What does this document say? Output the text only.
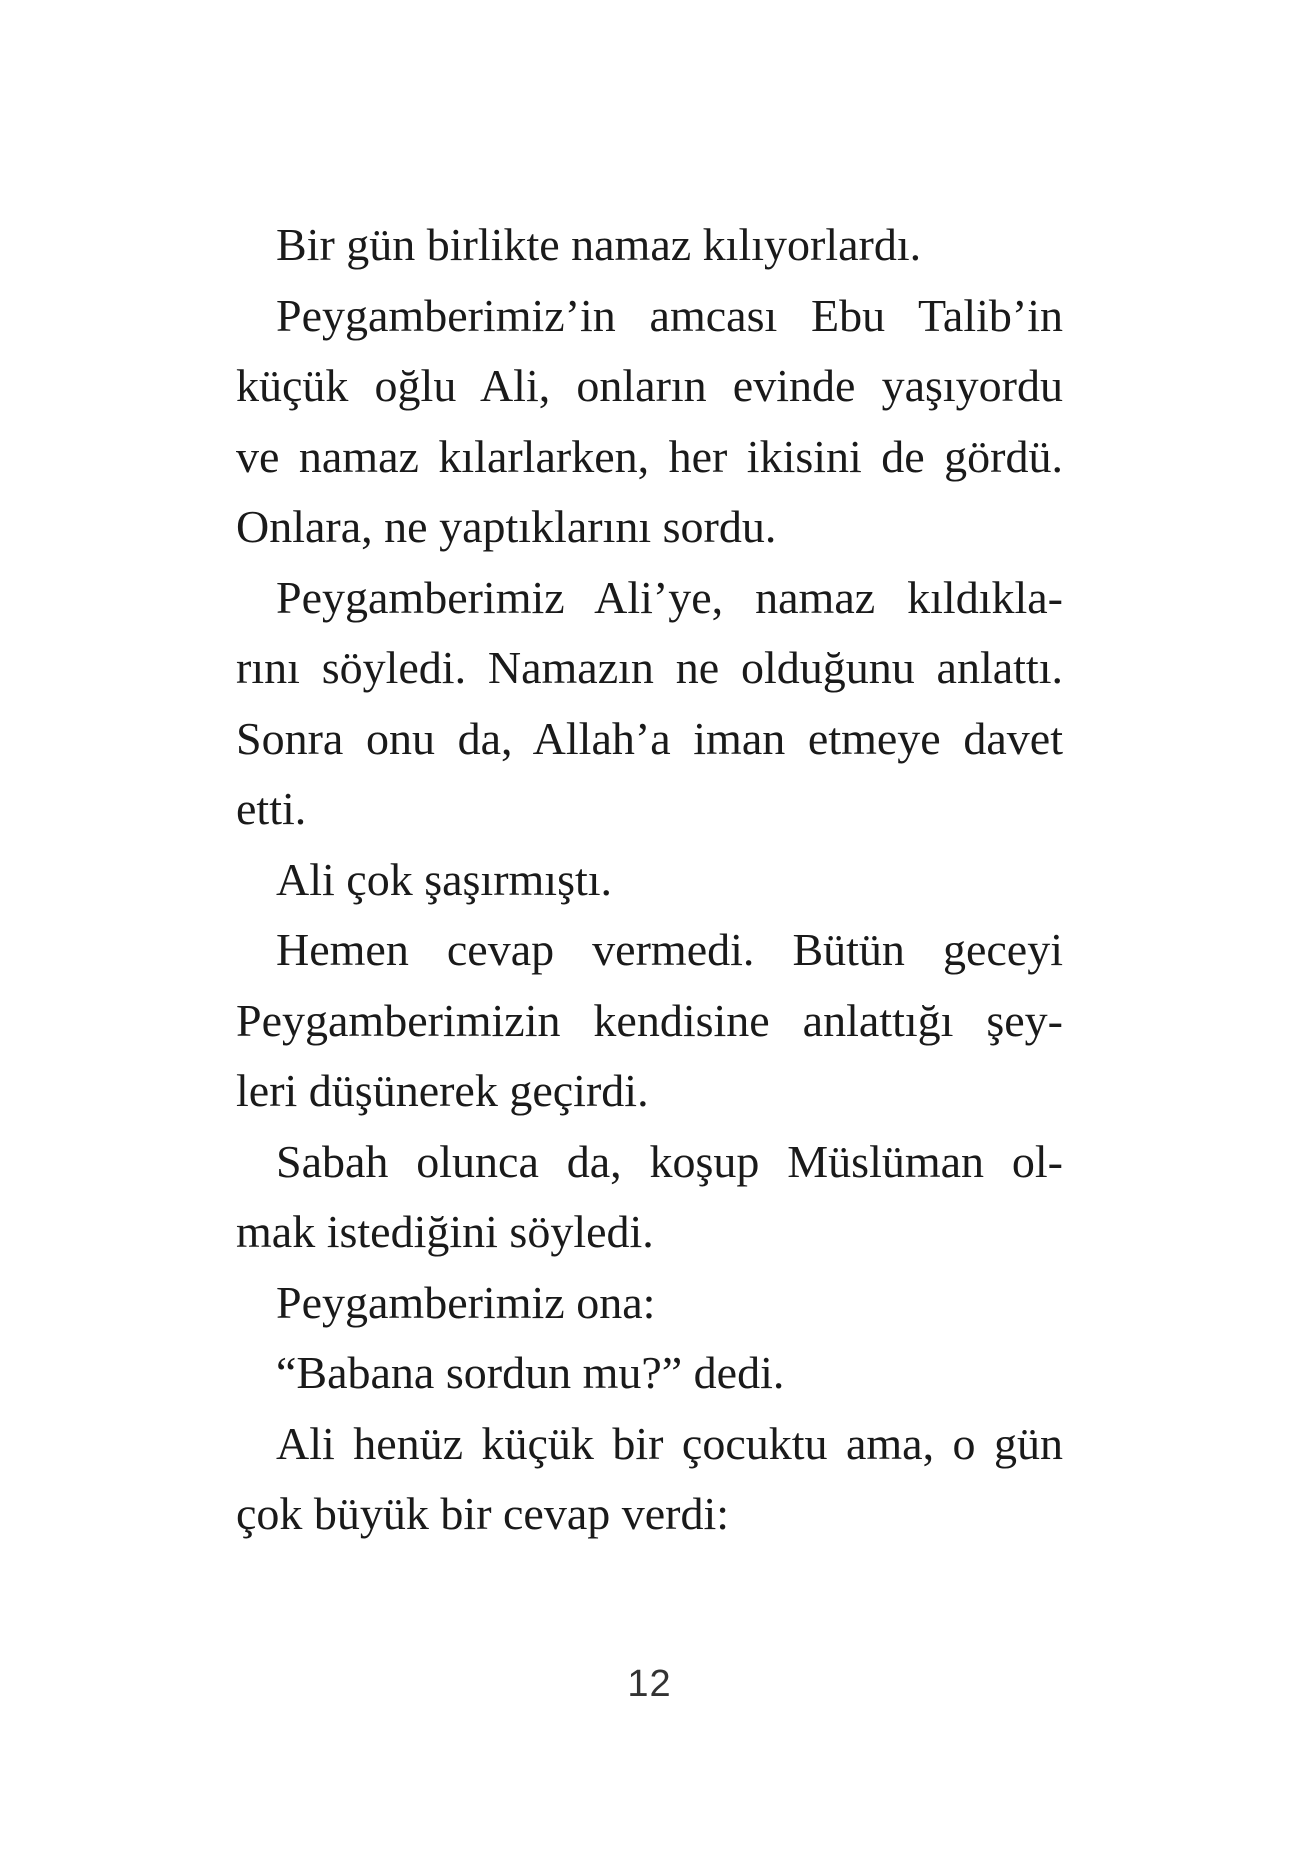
Bir gün birlikte namaz kılıyorlardı.
Peygamberimiz’in amcası Ebu Talib’in
küçük oğlu Ali, onların evinde yaşıyordu
ve namaz kılarlarken, her ikisini de gördü.
Onlara, ne yaptıklarını sordu.
Peygamberimiz Ali’ye, namaz kıldıkla-
rını söyledi. Namazın ne olduğunu anlattı.
Sonra onu da, Allah’a iman etmeye davet
etti.
Ali çok şaşırmıştı.
Hemen cevap vermedi. Bütün geceyi
Peygamberimizin kendisine anlattığı şey-
leri düşünerek geçirdi.
Sabah olunca da, koşup Müslüman ol-
mak istediğini söyledi.
Peygamberimiz ona:
“Babana sordun mu?” dedi.
Ali henüz küçük bir çocuktu ama, o gün
çok büyük bir cevap verdi:
12
